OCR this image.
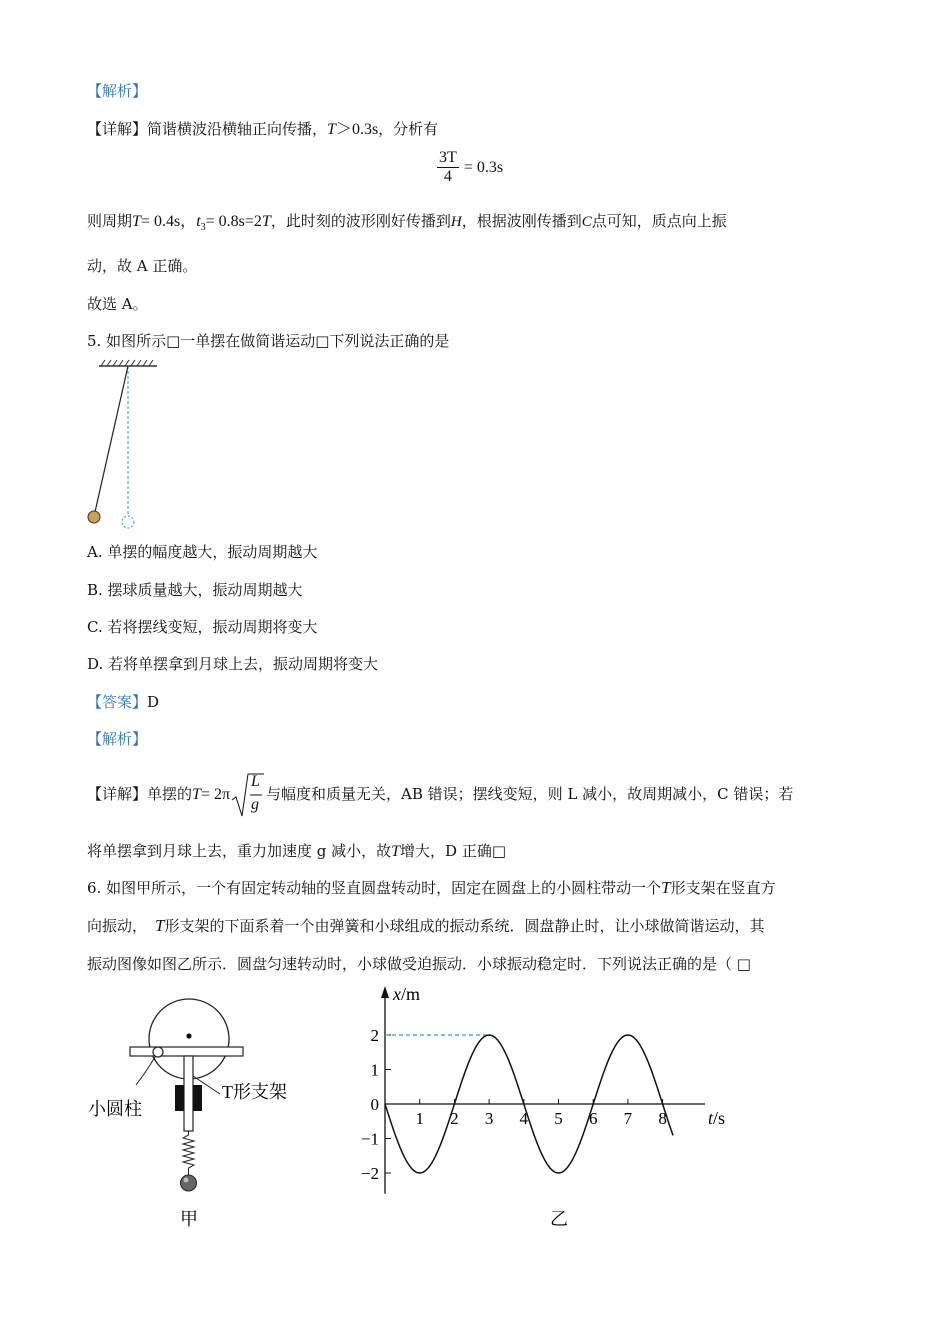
【解析】
【详解】简谐横波沿横轴正向传播，T＞0.3s，分析有
$\frac{3T}{4} = 0.3s$
则周期T= 0.4s，$t_3= 0.8s=2T$，此时刻的波形刚好传播到H，根据波刚传播到C点可知，质点向上振
动，故 A 正确。
故选 A。
5. 如图所示□一单摆在做简谐运动□下列说法正确的是
A. 单摆的幅度越大，振动周期越大
B. 摆球质量越大，振动周期越大
C. 若将摆线变短，振动周期将变大
D. 若将单摆拿到月球上去，振动周期将变大
【答案】D
【解析】
【详解】单摆的T= 2π
L
g
与幅度和质量无关，AB 错误；摆线变短，则 L 减小，故周期减小，C 错误；若
将单摆拿到月球上去，重力加速度 g 减小，故T增大，D 正确□
6. 如图甲所示，一个有固定转动轴的竖直圆盘转动时，固定在圆盘上的小圆柱带动一个T形支架在竖直方
向振动， T形支架的下面系着一个由弹簧和小球组成的振动系统．圆盘静止时，让小球做简谐运动，其
振动图像如图乙所示．圆盘匀速转动时，小球做受迫振动．小球振动稳定时．下列说法正确的是（ □
小圆柱
T形支架
甲
x/m
t/s
2
1
0
−1
−2
1 2 3 4 5 6 7 8
乙
